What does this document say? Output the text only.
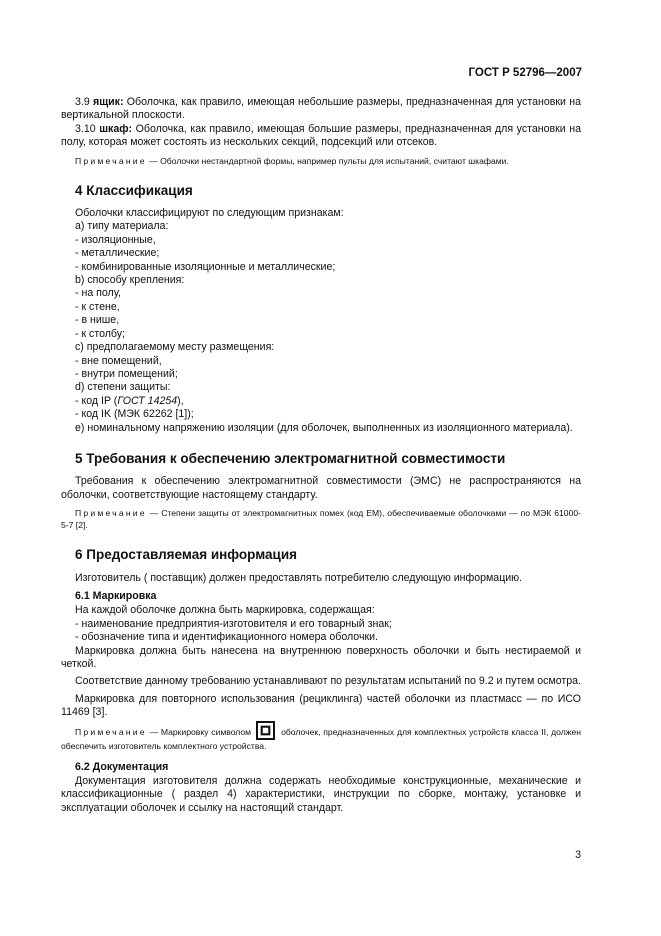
ГОСТ Р 52796—2007
3.9 ящик: Оболочка, как правило, имеющая небольшие размеры, предназначенная для установки на вертикальной плоскости.
3.10 шкаф: Оболочка, как правило, имеющая большие размеры, предназначенная для установки на полу, которая может состоять из нескольких секций, подсекций или отсеков.
Примечание — Оболочки нестандартной формы, например пульты для испытаний, считают шкафами.
4 Классификация
Оболочки классифицируют по следующим признакам:
а) типу материала:
- изоляционные,
- металлические;
- комбинированные изоляционные и металлические;
b) способу крепления:
- на полу,
- к стене,
- в нише,
- к столбу;
с) предполагаемому месту размещения:
- вне помещений,
- внутри помещений;
d) степени защиты:
- код IP (ГОСТ 14254),
- код IK (МЭК 62262 [1]);
е) номинальному напряжению изоляции (для оболочек, выполненных из изоляционного материала).
5 Требования к обеспечению электромагнитной совместимости
Требования к обеспечению электромагнитной совместимости (ЭМС) не распространяются на оболочки, соответствующие настоящему стандарту.
Примечание — Степени защиты от электромагнитных помех (код ЕМ), обеспечиваемые оболочками — по МЭК 61000-5-7 [2].
6 Предоставляемая информация
Изготовитель ( поставщик) должен предоставлять потребителю следующую информацию.
6.1 Маркировка
На каждой оболочке должна быть маркировка, содержащая:
- наименование предприятия-изготовителя и его товарный знак;
- обозначение типа и идентификационного номера оболочки.
Маркировка должна быть нанесена на внутреннюю поверхность оболочки и быть нестираемой и четкой.
Соответствие данному требованию устанавливают по результатам испытаний по 9.2 и путем осмотра.
Маркировка для повторного использования (рециклинга) частей оболочки из пластмасс — по ИСО 11469 [3].
Примечание — Маркировку символом	оболочек, предназначенных для комплектных устройств класса II, должен обеспечить изготовитель комплектного устройства.
6.2 Документация
Документация изготовителя должна содержать необходимые конструкционные, механические и классификационные ( раздел 4) характеристики, инструкции по сборке, монтажу, установке и эксплуатации оболочек и ссылку на настоящий стандарт.
3
